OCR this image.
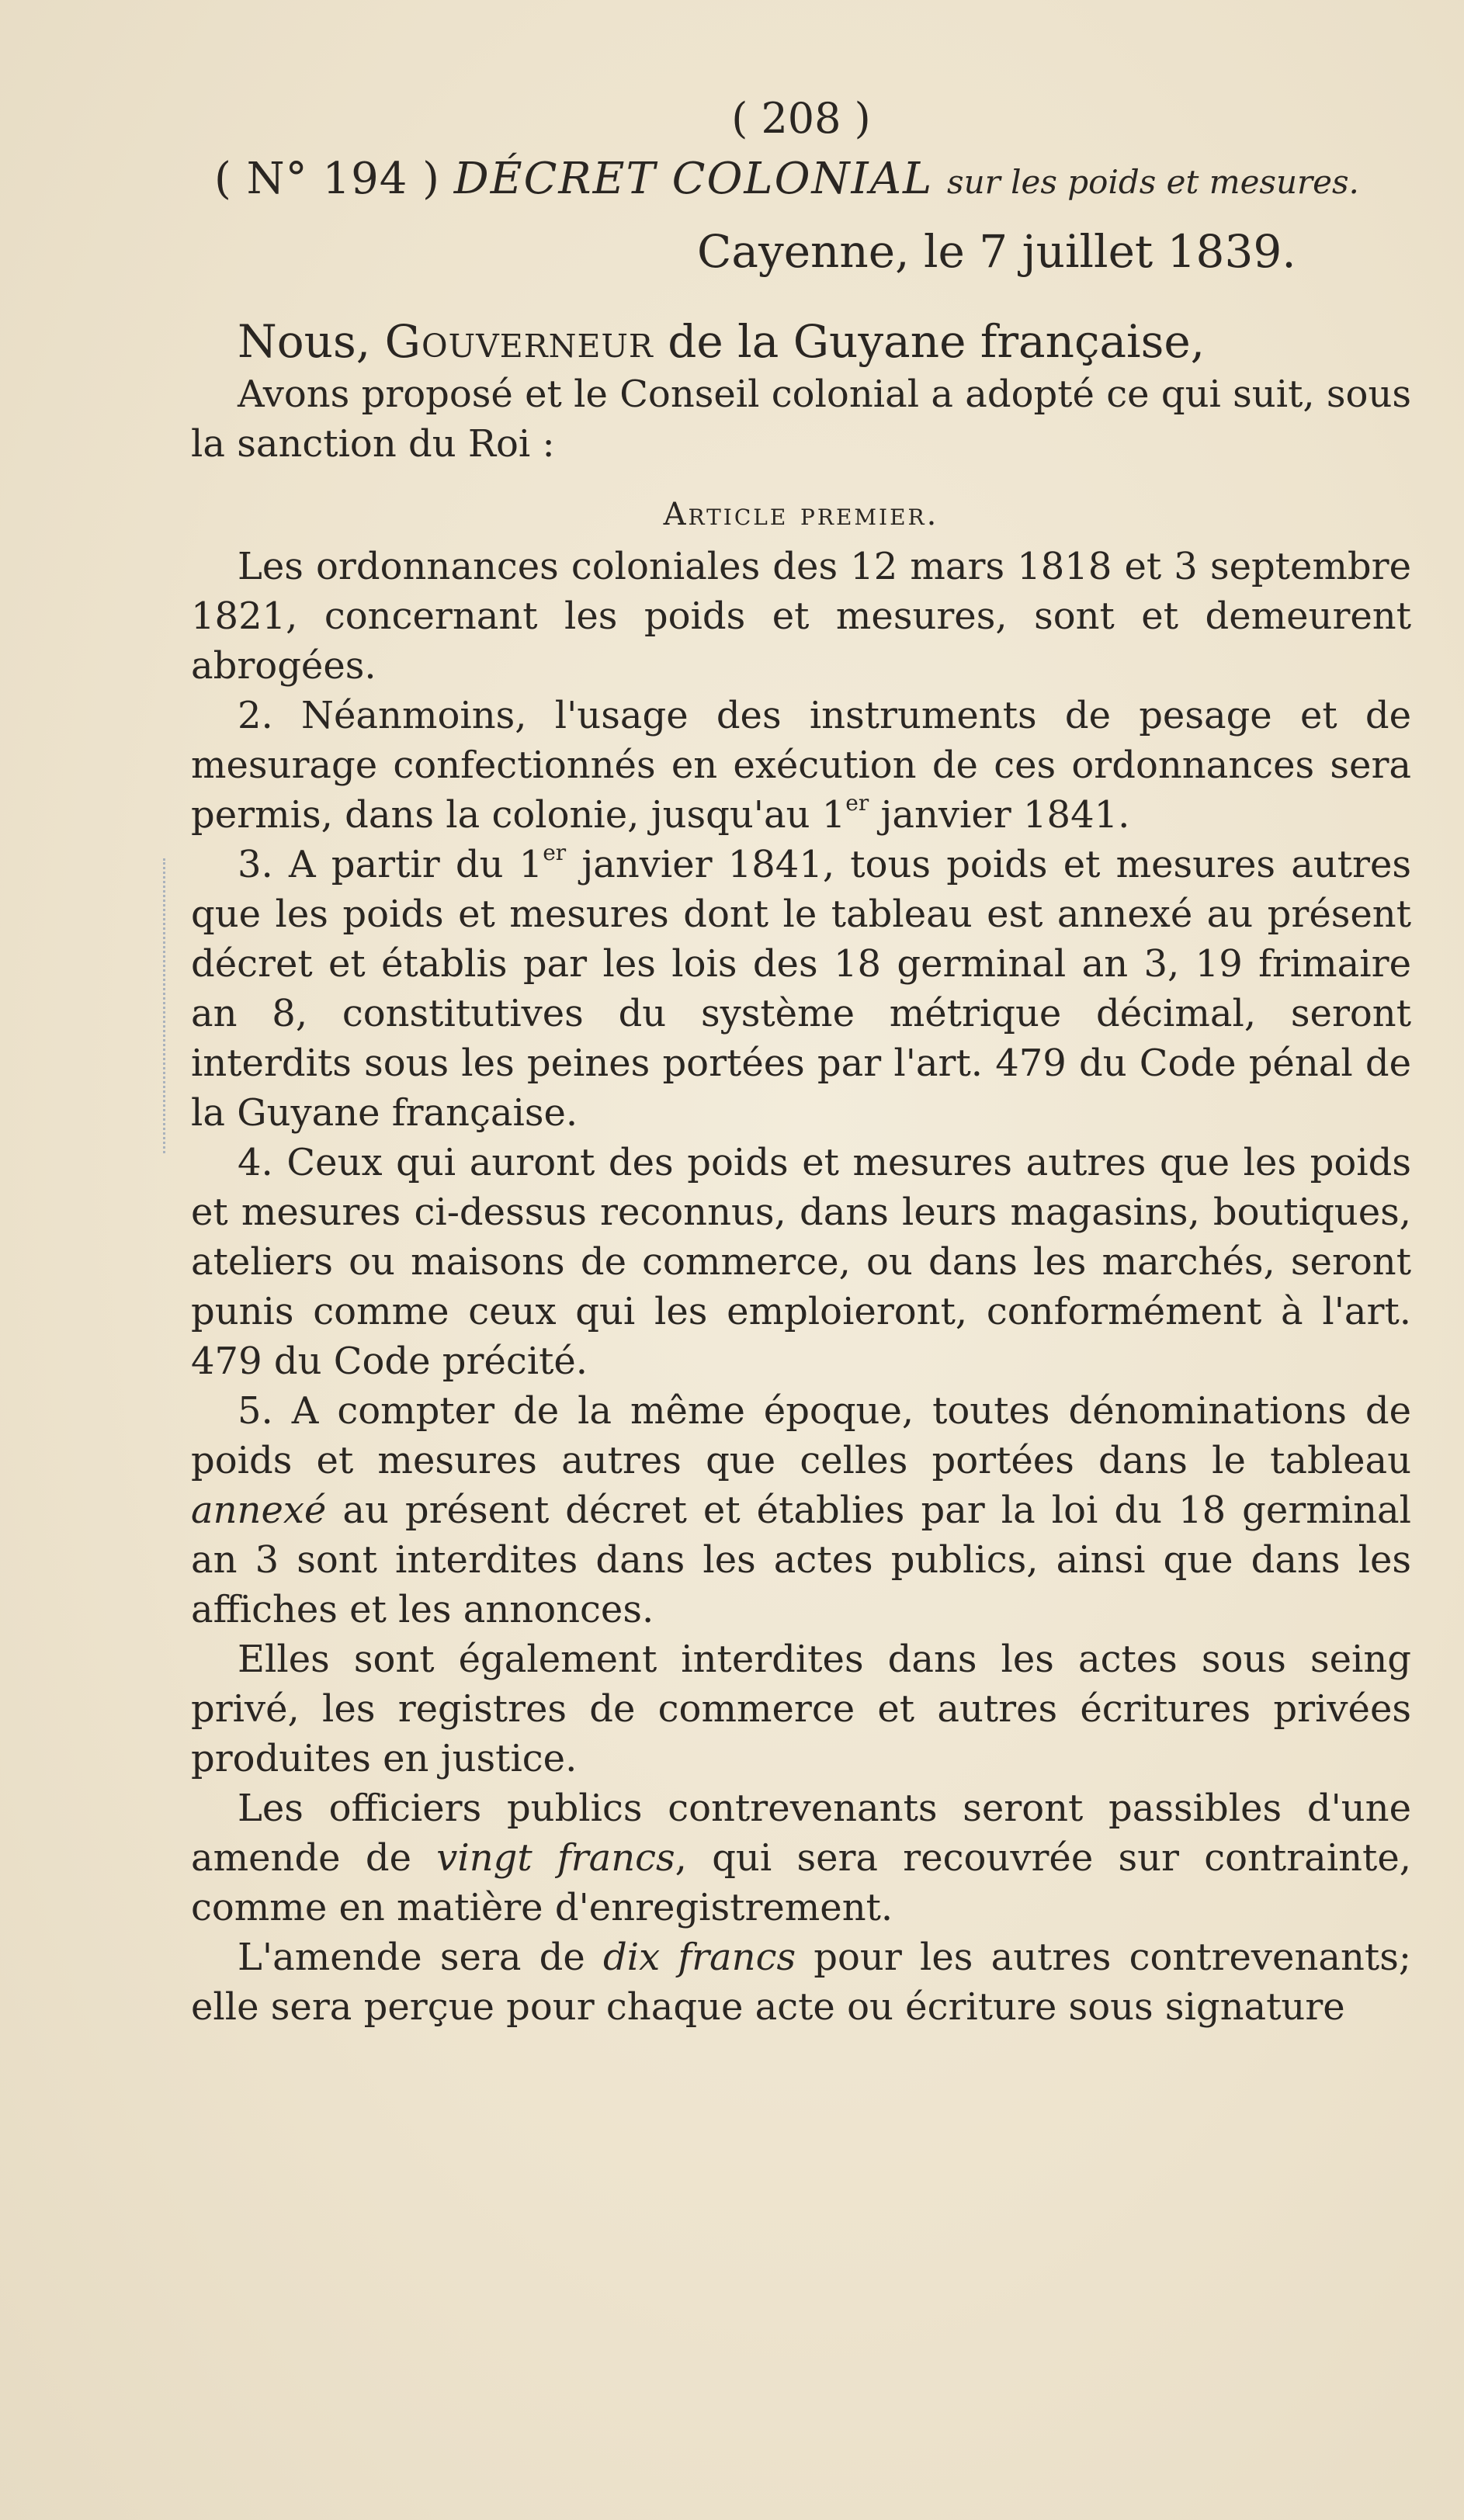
( 208 )
( N° 194 ) DÉCRET COLONIAL sur les poids et mesures.
Cayenne, le 7 juillet 1839.
Nous, Gouverneur de la Guyane française,

Avons proposé et le Conseil colonial a adopté ce qui suit, sous la sanction du Roi :

Article premier.

Les ordonnances coloniales des 12 mars 1818 et 3 septembre 1821, concernant les poids et mesures, sont et demeurent abrogées.

2. Néanmoins, l'usage des instruments de pesage et de mesurage confectionnés en exécution de ces ordonnances sera permis, dans la colonie, jusqu'au 1er janvier 1841.

3. A partir du 1er janvier 1841, tous poids et mesures autres que les poids et mesures dont le tableau est annexé au présent décret et établis par les lois des 18 germinal an 3, 19 frimaire an 8, constitutives du système métrique décimal, seront interdits sous les peines portées par l'art. 479 du Code pénal de la Guyane française.

4. Ceux qui auront des poids et mesures autres que les poids et mesures ci-dessus reconnus, dans leurs magasins, boutiques, ateliers ou maisons de commerce, ou dans les marchés, seront punis comme ceux qui les emploieront, conformément à l'art. 479 du Code précité.

5. A compter de la même époque, toutes dénominations de poids et mesures autres que celles portées dans le tableau annexé au présent décret et établies par la loi du 18 germinal an 3 sont interdites dans les actes publics, ainsi que dans les affiches et les annonces.

Elles sont également interdites dans les actes sous seing privé, les registres de commerce et autres écritures privées produites en justice.

Les officiers publics contrevenants seront passibles d'une amende de vingt francs, qui sera recouvrée sur contrainte, comme en matière d'enregistrement.

L'amende sera de dix francs pour les autres contrevenants; elle sera perçue pour chaque acte ou écriture sous signature
